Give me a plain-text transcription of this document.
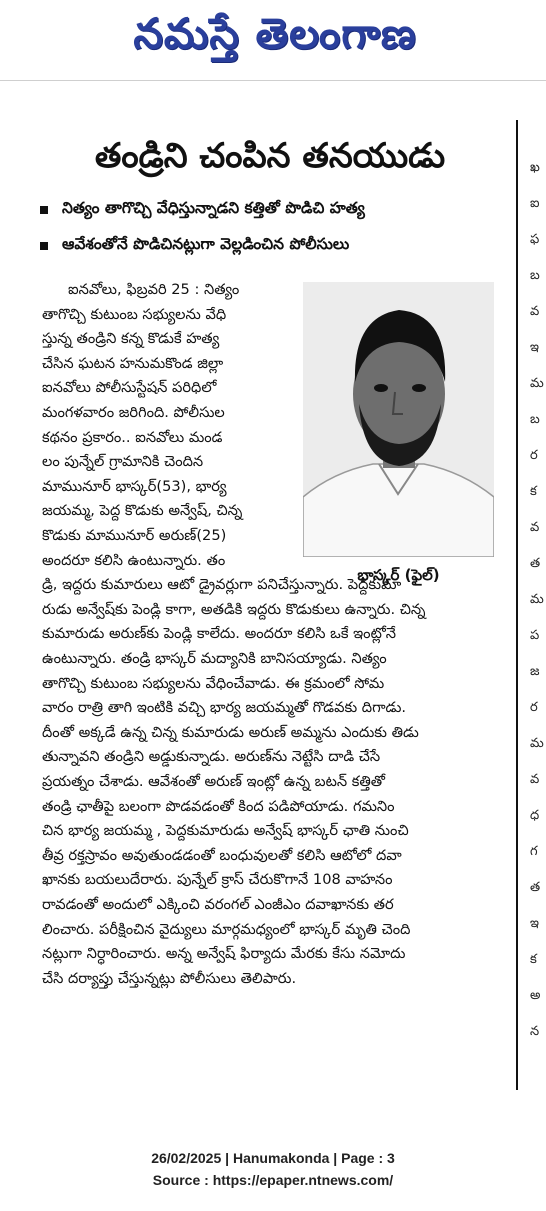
నమస్తే తెలంగాణ
ఖ
ఐ
ఫ
బ
వ
ఇ
మ
బ
ర
క
వ
త
మ
ప
జ
ర
మ
వ
ధ
గ
త
ఇ
క
అ
న
తండ్రిని చంపిన తనయుడు
నిత్యం తాగొచ్చి వేధిస్తున్నాడని కత్తితో పొడిచి హత్య
ఆవేశంతోనే పొడిచినట్లుగా వెల్లడించిన పోలీసులు
భాస్కర్ (ఫైల్)
ఐనవోలు, ఫిబ్రవరి 25 : నిత్యం
తాగొచ్చి కుటుంబ సభ్యులను వేధి
స్తున్న తండ్రిని కన్న కొడుకే హత్య
చేసిన ఘటన హనుమకొండ జిల్లా
ఐనవోలు పోలీసుస్టేషన్ పరిధిలో
మంగళవారం జరిగింది. పోలీసుల
కథనం ప్రకారం.. ఐనవోలు మండ
లం పున్నేల్ గ్రామానికి చెందిన
మామునూర్ భాస్కర్(53), భార్య
జయమ్మ, పెద్ద కొడుకు అన్వేష్, చిన్న
కొడుకు మామునూర్ అరుణ్(25)
అందరూ కలిసి ఉంటున్నారు. తం
డ్రి, ఇద్దరు కుమారులు ఆటో డ్రైవర్లుగా పనిచేస్తున్నారు. పెద్దకుమా
రుడు అన్వేష్‌కు పెండ్లి కాగా, అతడికి ఇద్దరు కొడుకులు ఉన్నారు. చిన్న
కుమారుడు అరుణ్‌కు పెండ్లి కాలేదు. అందరూ కలిసి ఒకే ఇంట్లోనే
ఉంటున్నారు. తండ్రి భాస్కర్ మద్యానికి బానిసయ్యాడు. నిత్యం
తాగొచ్చి కుటుంబ సభ్యులను వేధించేవాడు. ఈ క్రమంలో సోమ
వారం రాత్రి తాగి ఇంటికి వచ్చి భార్య జయమ్మతో గొడవకు దిగాడు.
దీంతో అక్కడే ఉన్న చిన్న కుమారుడు అరుణ్ అమ్మను ఎందుకు తిడు
తున్నావని తండ్రిని అడ్డుకున్నాడు. అరుణ్‌ను నెట్టేసి దాడి చేసే
ప్రయత్నం చేశాడు. ఆవేశంతో అరుణ్ ఇంట్లో ఉన్న బటన్ కత్తితో
తండ్రి ఛాతీపై బలంగా పొడవడంతో కింద పడిపోయాడు. గమనిం
చిన భార్య జయమ్మ , పెద్దకుమారుడు అన్వేష్ భాస్కర్ ఛాతి నుంచి
తీవ్ర రక్తస్రావం అవుతుండడంతో బంధువులతో కలిసి ఆటోలో దవా
ఖానకు బయలుదేరారు. పున్నేల్ క్రాస్ చేరుకొగానే 108 వాహనం
రావడంతో అందులో ఎక్కించి వరంగల్ ఎంజీఎం దవాఖానకు తర
లించారు. పరీక్షించిన వైద్యులు మార్గమధ్యంలో భాస్కర్ మృతి చెంది
నట్లుగా నిర్ధారించారు. అన్న అన్వేష్ ఫిర్యాదు మేరకు కేసు నమోదు
చేసి దర్యాప్తు చేస్తున్నట్లు పోలీసులు తెలిపారు.
26/02/2025 | Hanumakonda | Page : 3
Source : https://epaper.ntnews.com/
